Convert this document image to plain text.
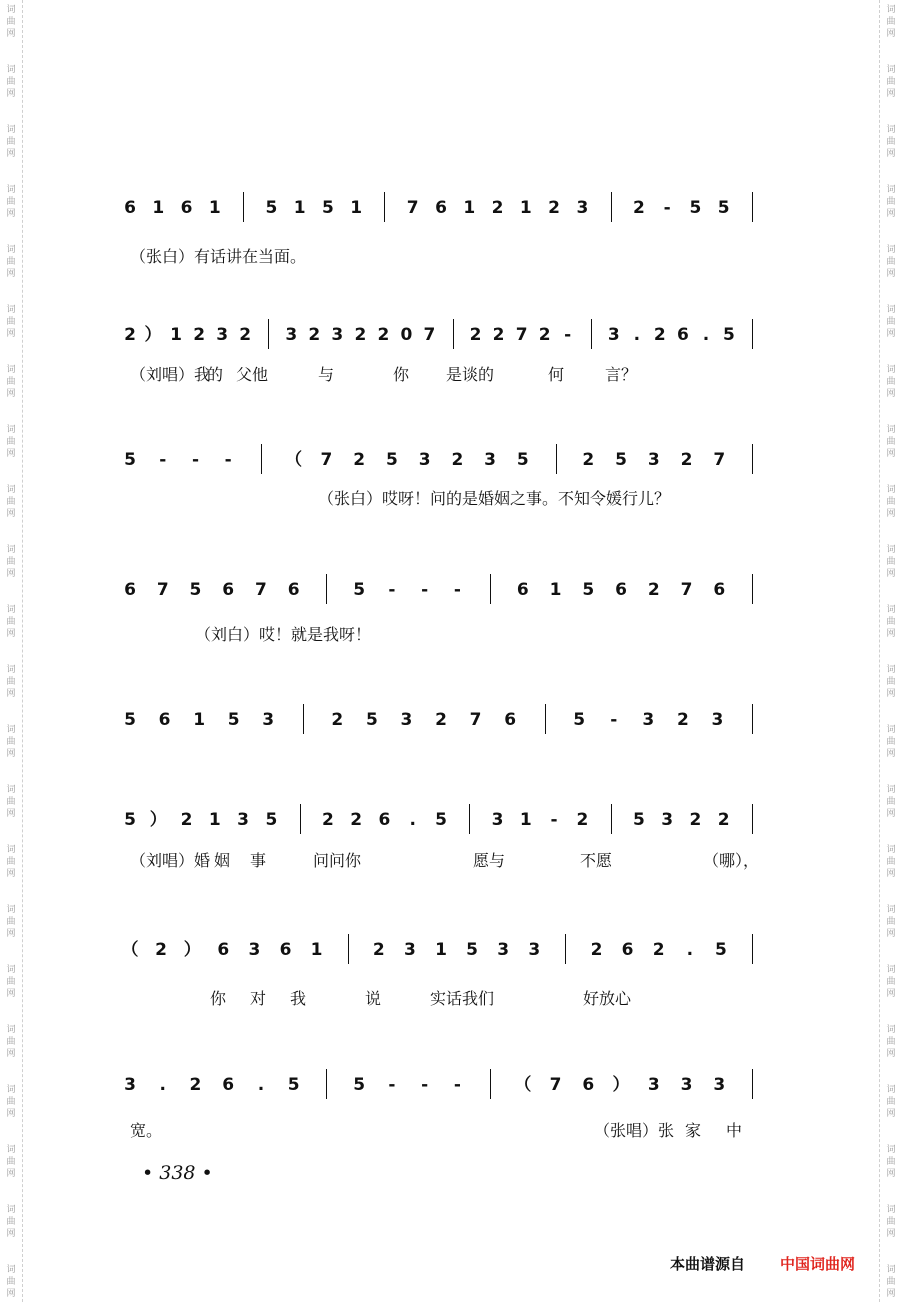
词
曲
网
词
曲
网
词
曲
网
词
曲
网
词
曲
网
词
曲
网
词
曲
网
词
曲
网
词
曲
网
词
曲
网
词
曲
网
词
曲
网
词
曲
网
词
曲
网
词
曲
网
词
曲
网
词
曲
网
词
曲
网
词
曲
网
词
曲
网
词
曲
网
词
曲
网
词
曲
网
词
曲
网
词
曲
网
词
曲
网
词
曲
网
词
曲
网
词
曲
网
词
曲
网
词
曲
网
词
曲
网
词
曲
网
词
曲
网
词
曲
网
词
曲
网
词
曲
网
词
曲
网
词
曲
网
词
曲
网
词
曲
网
词
曲
网
词
曲
网
词
曲
网
6 1 6 1	5 1 5 1	7 6 1 2 1 2 3	2 - 5 5
（张白）有话讲在当面。
2 ） 1 2 3 2 3 2 3 2 2 0 7 2 2 7 2 - 3 . 2 6 . 5
（刘唱）我
的 父他	与	你 是谈的	何	言？
5 - - -	（ 7 2 5 3 2 3 5	2 5 3 2 7
（张白）哎呀！问的是婚姻之事。不知令媛行儿？
6 7 5 6 7 6	5 - - -	6 1 5 6 2 7 6
（刘白）哎！就是我呀！
5 6 1 5 3	2 5 3 2 7 6	5 - 3 2 3
5 ） 2 1 3 5	2 2 6 . 5	3 1 - 2	5 3 2 2
（刘唱）婚 姻 事	问问你	愿与	不愿	（哪），
（ 2 ） 6 3 6 1	2 3 1 5 3 3	2 6 2 . 5
你 对 我	说	实话我们	好放心
3 . 2 6 . 5	5 - - -	（ 7 6 ） 3 3 3
宽。	（张唱）张 家 中
• 338 •
本曲谱源自 中国词曲网
